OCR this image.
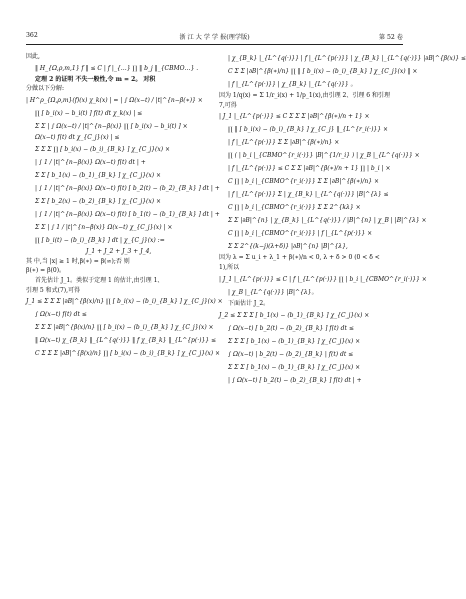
362	浙 江 大 学 学 报(理学版)	第 52 卷
因此,
‖ H_{Ω,ρ,m,1} f ‖ ≤ C | f |_{…} ∏ ‖ b_j ‖_{CBMO…} .
定理 2 的证明 不失一般性,令 m = 2。 对积
分做以下分解:
| H^ρ_{Ω,ρ,m}(f)(x) χ_k(x) | = | ∫ Ω(x−t) / |t|^{n−β(∗)} ×
∏ [ b_i(x) − b_i(t) ] f(t) dt χ_k(x) | ≤
Σ Σ | ∫ Ω(x−t) / |t|^{n−β(x)} ∏ [ b_i(x) − b_i(t) ] ×
Ω(x−t) f(t) dt χ_{C_j}(x) | ≤
Σ Σ Σ ∏ [ b_i(x) − (b_i)_{B_k} ] χ_{C_j}(x) ×
| ∫ 1 / |t|^{n−β(x)} Ω(x−t) f(t) dt | +
Σ Σ [ b_1(x) − (b_1)_{B_k} ] χ_{C_j}(x) ×
| ∫ 1 / |t|^{n−β(x)} Ω(x−t) f(t) [ b_2(t) − (b_2)_{B_k} ] dt | +
Σ Σ [ b_2(x) − (b_2)_{B_k} ] χ_{C_j}(x) ×
| ∫ 1 / |t|^{n−β(x)} Ω(x−t) f(t) [ b_1(t) − (b_1)_{B_k} ] dt | +
Σ Σ | ∫ 1 / |t|^{n−β(x)} Ω(x−t) χ_{C_j}(x) | ×
∏ [ b_i(t) − (b_i)_{B_k} ] dt | χ_{C_j}(x) :=
J_1 + J_2 + J_3 + J_4,
其 中,当 |x| ≥ 1 时,β(∗) = β(∞);否 则
β(∗) = β(0)。
首先估计 J_1。类似于定理 1 的估计,由引理 1、
引理 5 和式(7),可得
J_1 ≤ Σ Σ Σ |∂B|^{β(x)/n} ∏ [ b_i(x) − (b_i)_{B_k} ] χ_{C_j}(x) ×
∫ Ω(x−t) f(t) dt ≤
Σ Σ Σ |∂B|^{β(x)/n} ∏ [ b_i(x) − (b_i)_{B_k} ] χ_{C_j}(x) ×
‖ Ω(x−t) χ_{B_k} ‖_{L^{q(·)}} ‖ f χ_{B_k} ‖_{L^{p(·)}} ≤
C Σ Σ Σ |∂B|^{β(x)/n} ∏ [ b_i(x) − (b_i)_{B_k} ] χ_{C_j}(x) ×
| χ_{B_k} |_{L^{q(·)}} | f |_{L^{p(·)}} | χ_{B_k} |_{L^{q(·)}} |∂B|^{β(x)} ≤
C Σ Σ |∂B|^{β(∗)/n} ∏ ‖ [ b_i(x) − (b_i)_{B_k} ] χ_{C_j}(x) ‖ ×
| f |_{L^{p(·)}} | χ_{B_k} |_{L^{q(·)}} 。
因为 1/q(x) = Σ 1/r_i(x) + 1/p_1(x),由引理 2、引理 6 和引理
7,可得
| J_1 |_{L^{p(·)}} ≤ C Σ Σ Σ |∂B|^{β(∗)/n + 1} ×
∏ ‖ [ b_i(x) − (b_i)_{B_k} ] χ_{C_j} ‖_{L^{r_i(·)}} ×
| f |_{L^{p(·)}} Σ Σ |∂B|^{β(∗)/n} ×
∏ ( | b_i |_{CBMO^{r_i(·)}} |B|^{1/r_i} ) | χ_B |_{L^{q(·)}} ×
| f |_{L^{p(·)}} ≤ C Σ Σ |∂B|^{β(∗)/n + 1} ∏ | b_i | ×
C ∏ | b_i |_{CBMO^{r_i(·)}} Σ Σ |∂B|^{β(∗)/n} ×
| f |_{L^{p(·)}} Σ | χ_{B_k} |_{L^{q(·)}} |B|^{λ} ≤
C ∏ | b_i |_{CBMO^{r_i(·)}} Σ Σ 2^{kλ} ×
Σ Σ |∂B|^{n} | χ_{B_k} |_{L^{q(·)}} / |B|^{n} | χ_B | |B|^{λ} ×
C ∏ | b_i |_{CBMO^{r_i(·)}} | f |_{L^{p(·)}} ×
Σ Σ 2^{(k−j)(λ+δ)} |∂B|^{n} |B|^{λ},
因为 λ = Σ u_i + λ_1 + β(∗)/n < 0, λ + δ > 0 (0 < δ <
1),所以
| J_1 |_{L^{p(·)}} ≤ C | f |_{L^{p(·)}} ∏ | b_i |_{CBMO^{r_i(·)}} ×
| χ_B |_{L^{q(·)}} |B|^{λ}。
下面估计 J_2。
J_2 ≤ Σ Σ Σ [ b_1(x) − (b_1)_{B_k} ] χ_{C_j}(x) ×
∫ Ω(x−t) [ b_2(t) − (b_2)_{B_k} ] f(t) dt ≤
Σ Σ Σ [ b_1(x) − (b_1)_{B_k} ] χ_{C_j}(x) ×
∫ Ω(x−t) | b_2(t) − (b_2)_{B_k} | f(t) dt ≤
Σ Σ Σ [ b_1(x) − (b_1)_{B_k} ] χ_{C_j}(x) ×
| ∫ Ω(x−t) [ b_2(t) − (b_2)_{B_k} ] f(t) dt | +
